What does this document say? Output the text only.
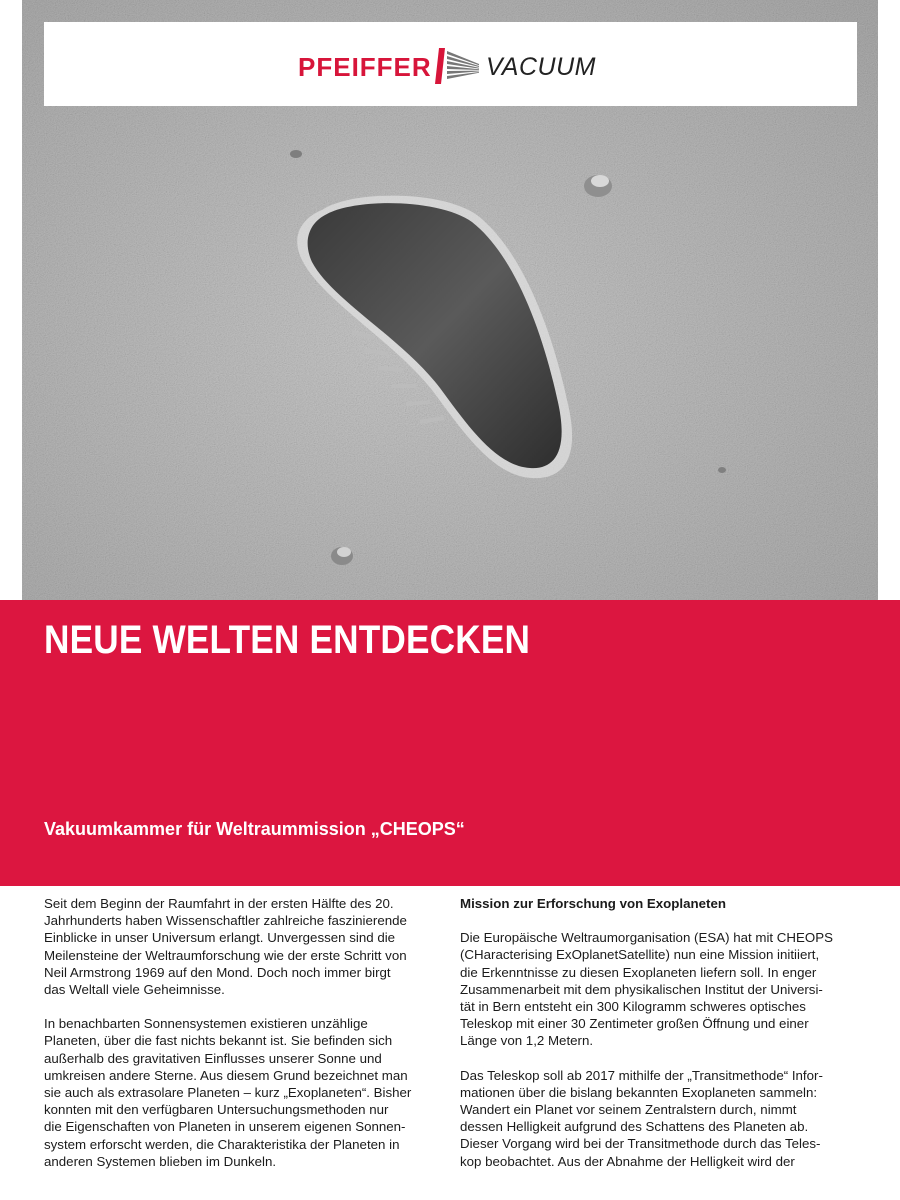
PFEIFFER VACUUM
NEUE WELTEN ENTDECKEN
Vakuumkammer für Weltraummission „CHEOPS“

Seit dem Beginn der Raumfahrt in der ersten Hälfte des 20.
Jahrhunderts haben Wissenschaftler zahlreiche faszinierende
Einblicke in unser Universum erlangt. Unvergessen sind die
Meilensteine der Weltraumforschung wie der erste Schritt von
Neil Armstrong 1969 auf den Mond. Doch noch immer birgt
das Weltall viele Geheimnisse.

In benachbarten Sonnensystemen existieren unzählige
Planeten, über die fast nichts bekannt ist. Sie befinden sich
außerhalb des gravitativen Einflusses unserer Sonne und
umkreisen andere Sterne. Aus diesem Grund bezeichnet man
sie auch als extrasolare Planeten – kurz „Exoplaneten“. Bisher
konnten mit den verfügbaren Untersuchungsmethoden nur
die Eigenschaften von Planeten in unserem eigenen Sonnen-
system erforscht werden, die Charakteristika der Planeten in
anderen Systemen blieben im Dunkeln.

Mission zur Erforschung von Exoplaneten

Die Europäische Weltraumorganisation (ESA) hat mit CHEOPS
(CHaracterising ExOplanetSatellite) nun eine Mission initiiert,
die Erkenntnisse zu diesen Exoplaneten liefern soll. In enger
Zusammenarbeit mit dem physikalischen Institut der Universi-
tät in Bern entsteht ein 300 Kilogramm schweres optisches
Teleskop mit einer 30 Zentimeter großen Öffnung und einer
Länge von 1,2 Metern.

Das Teleskop soll ab 2017 mithilfe der „Transitmethode“ Infor-
mationen über die bislang bekannten Exoplaneten sammeln:
Wandert ein Planet vor seinem Zentralstern durch, nimmt
dessen Helligkeit aufgrund des Schattens des Planeten ab.
Dieser Vorgang wird bei der Transitmethode durch das Teles-
kop beobachtet. Aus der Abnahme der Helligkeit wird der
